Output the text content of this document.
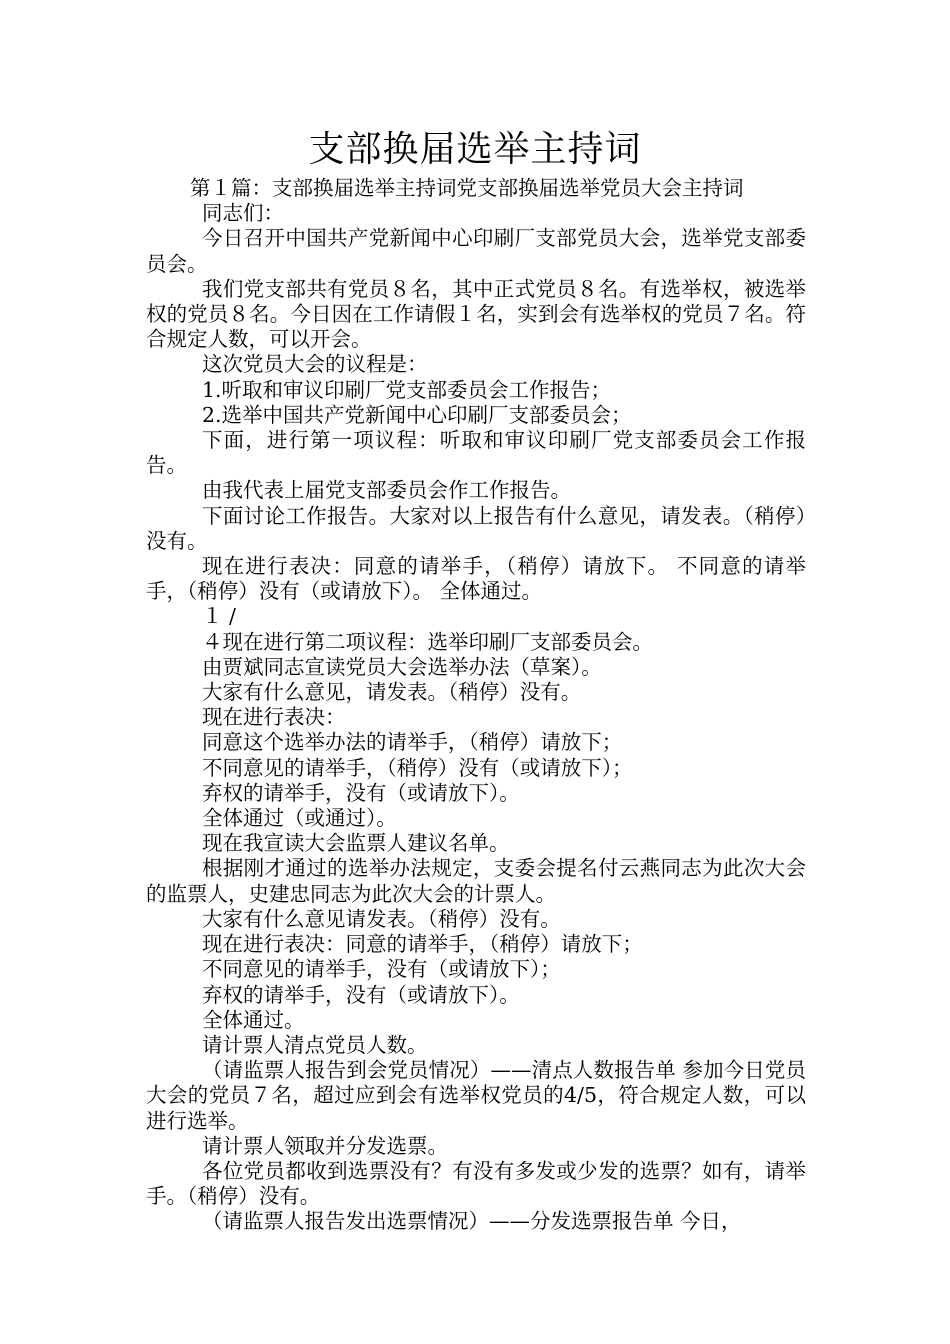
支部换届选举主持词

第１篇：支部换届选举主持词党支部换届选举党员大会主持词

同志们：

今日召开中国共产党新闻中心印刷厂支部党员大会，选举党支部委员会。

我们党支部共有党员８名，其中正式党员８名。有选举权，被选举权的党员８名。今日因在工作请假１名，实到会有选举权的党员７名。符合规定人数，可以开会。

这次党员大会的议程是：

1.听取和审议印刷厂党支部委员会工作报告；

2.选举中国共产党新闻中心印刷厂支部委员会；

下面，进行第一项议程：听取和审议印刷厂党支部委员会工作报告。

由我代表上届党支部委员会作工作报告。

下面讨论工作报告。大家对以上报告有什么意见，请发表。（稍停）没有。

现在进行表决：同意的请举手，（稍停）请放下。 不同意的请举手，（稍停）没有（或请放下）。 全体通过。

１ /

４现在进行第二项议程：选举印刷厂支部委员会。

由贾斌同志宣读党员大会选举办法（草案）。

大家有什么意见，请发表。（稍停）没有。

现在进行表决：

同意这个选举办法的请举手，（稍停）请放下；

不同意见的请举手，（稍停）没有（或请放下）；

弃权的请举手，没有（或请放下）。

全体通过（或通过）。

现在我宣读大会监票人建议名单。

根据刚才通过的选举办法规定，支委会提名付云燕同志为此次大会的监票人，史建忠同志为此次大会的计票人。

大家有什么意见请发表。（稍停）没有。

现在进行表决：同意的请举手，（稍停）请放下；

不同意见的请举手，没有（或请放下）；

弃权的请举手，没有（或请放下）。

全体通过。

请计票人清点党员人数。

（请监票人报告到会党员情况）——清点人数报告单 参加今日党员大会的党员７名，超过应到会有选举权党员的4/5，符合规定人数，可以进行选举。

请计票人领取并分发选票。

各位党员都收到选票没有？有没有多发或少发的选票？如有，请举手。（稍停）没有。

（请监票人报告发出选票情况）——分发选票报告单 今日，
